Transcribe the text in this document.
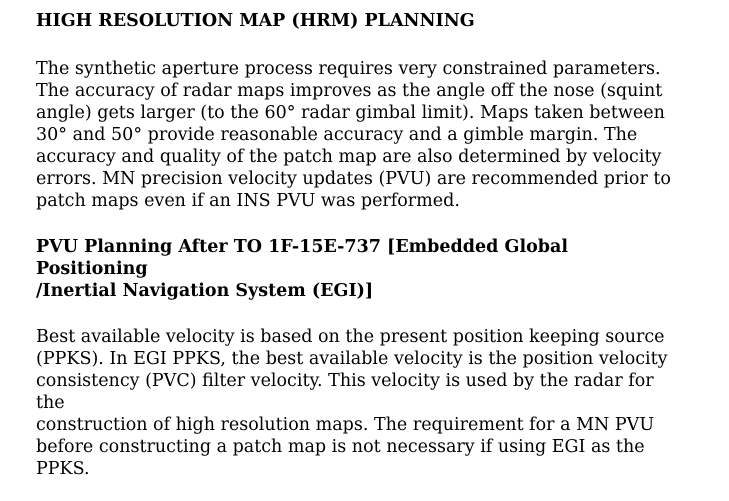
HIGH RESOLUTION MAP (HRM) PLANNING

The synthetic aperture process requires very constrained parameters.
The accuracy of radar maps improves as the angle off the nose (squint
angle) gets larger (to the 60° radar gimbal limit). Maps taken between
30° and 50° provide reasonable accuracy and a gimble margin. The
accuracy and quality of the patch map are also determined by velocity
errors. MN precision velocity updates (PVU) are recommended prior to
patch maps even if an INS PVU was performed.

PVU Planning After TO 1F-15E-737 [Embedded Global Positioning
/Inertial Navigation System (EGI)]

Best available velocity is based on the present position keeping source
(PPKS). In EGI PPKS, the best available velocity is the position velocity
consistency (PVC) filter velocity. This velocity is used by the radar for the
construction of high resolution maps. The requirement for a MN PVU
before constructing a patch map is not necessary if using EGI as the
PPKS.
